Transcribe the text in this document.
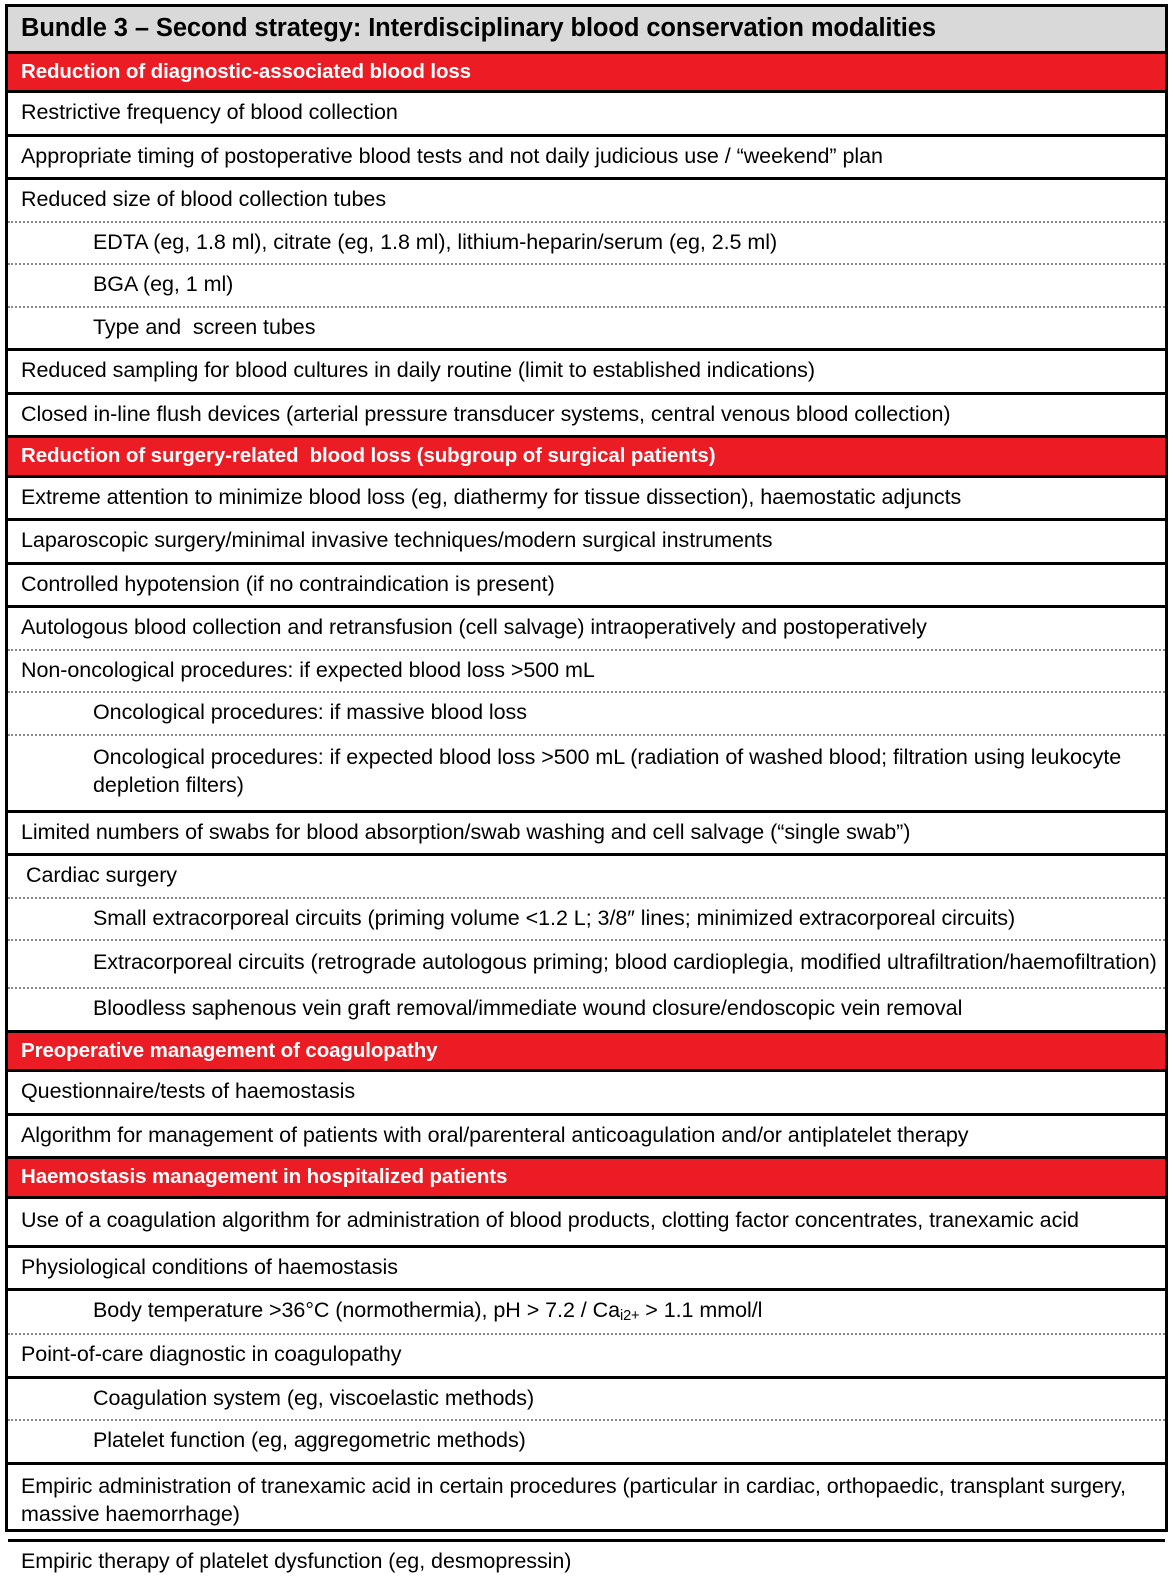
Bundle 3 – Second strategy: Interdisciplinary blood conservation modalities
Reduction of diagnostic-associated blood loss
Restrictive frequency of blood collection
Appropriate timing of postoperative blood tests and not daily judicious use / “weekend” plan
Reduced size of blood collection tubes
EDTA (eg, 1.8 ml), citrate (eg, 1.8 ml), lithium-heparin/serum (eg, 2.5 ml)
BGA (eg, 1 ml)
Type and  screen tubes
Reduced sampling for blood cultures in daily routine (limit to established indications)
Closed in-line flush devices (arterial pressure transducer systems, central venous blood collection)
Reduction of surgery-related  blood loss (subgroup of surgical patients)
Extreme attention to minimize blood loss (eg, diathermy for tissue dissection), haemostatic adjuncts
Laparoscopic surgery/minimal invasive techniques/modern surgical instruments
Controlled hypotension (if no contraindication is present)
Autologous blood collection and retransfusion (cell salvage) intraoperatively and postoperatively
Non-oncological procedures: if expected blood loss >500 mL
Oncological procedures: if massive blood loss
Oncological procedures: if expected blood loss >500 mL (radiation of washed blood; filtration using leukocyte depletion filters)
Limited numbers of swabs for blood absorption/swab washing and cell salvage (“single swab”)
Cardiac surgery
Small extracorporeal circuits (priming volume <1.2 L; 3/8″ lines; minimized extracorporeal circuits)
Extracorporeal circuits (retrograde autologous priming; blood cardioplegia, modified ultrafiltration/haemofiltration)
Bloodless saphenous vein graft removal/immediate wound closure/endoscopic vein removal
Preoperative management of coagulopathy
Questionnaire/tests of haemostasis
Algorithm for management of patients with oral/parenteral anticoagulation and/or antiplatelet therapy
Haemostasis management in hospitalized patients
Use of a coagulation algorithm for administration of blood products, clotting factor concentrates, tranexamic acid
Physiological conditions of haemostasis
Body temperature >36°C (normothermia), pH > $7.2 / Ca_{i2+} > 1.1$ mmol/l
Point-of-care diagnostic in coagulopathy
Coagulation system (eg, viscoelastic methods)
Platelet function (eg, aggregometric methods)
Empiric administration of tranexamic acid in certain procedures (particular in cardiac, orthopaedic, transplant surgery, massive haemorrhage)
Empiric therapy of platelet dysfunction (eg, desmopressin)
